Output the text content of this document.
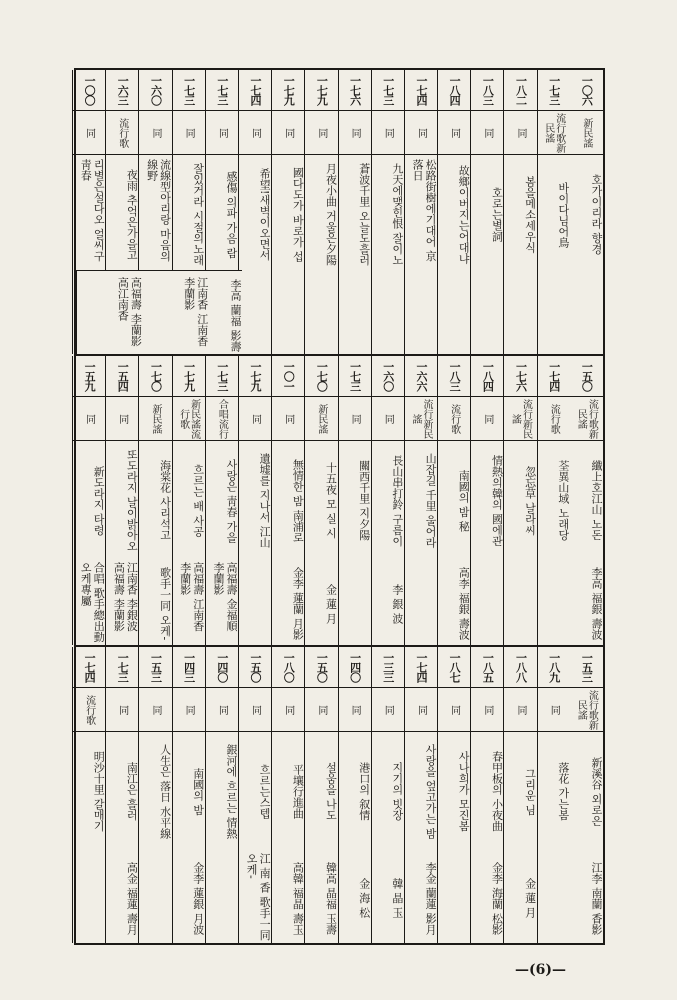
一〇六
新民謠
호가이리라 향경
一七三
流行歌新民謠
바이다님어鳥
一八二
同
봄을메소세우식
一八三
同
호로는별詞
一八四
同
故鄉이버지는어대냐
一七四
同
松路街樹에기대어 京落日
一七三
同
九天에맺힌恨 잘이노
一七六
同
蒼波千里 오늘도흘러
一七九
同
月夜小曲 거울은夕陽
一七九
同
國다도가 바로가 섭
一七四
同
希望!새벽이오면서
一七三
同
感傷 의파 가음 람
一七三
同
잘있거라 시절의노래
一六〇
同
流線型아리랑 마음의線野
一六三
流行歌
夜雨 추억은가을고
一〇〇
同
리별은설다오 얼씨구 靑春
李高 蘭福 影壽
江南香 江南香 李蘭影
高福壽 李蘭影 高江南香
一五〇
流行歌新民謠
纖上호江山 노돈
李高 福銀 壽波
一七四
流行歌
荃異山域 노래당
一七六
流行新民謠
忽忘草 날라씨
一八四
同
情熱의韓의 國에관
一八三
流行歌
南國의 밤 秘
高李 福銀 壽波
一六六
流行新民謠
山잡길 千里 울어라
一六〇
同
長山串打鈴 구름이
李 銀 波
一七三
同
關西千里 지夕陽
一七〇
新民謠
十五夜 모 실 시
金 蓮 月
一〇一
同
無情한 밤 南浦로
金李 蓮蘭 月影
一七九
同
遺墟를 지나서 江山
一七三
合唱流行
사랑은 靑春 가을
高福壽 金福順 李蘭影
一七九
新民謠流行歌
흐르는 배 사공
高福壽 江南香 李蘭影
一七〇
新民謠
海棠花 사리석고
歌手一同 오케-
一五四
同
또도라지 날이밝아오
江南香 李銀波 高福壽 李蘭影
一五九
同
新도라지 타령
合唱 歌手總出動 오케專屬
一五三
流行歌新民謠
新溪谷 외로은
江李 南蘭 香影
一八九
同
落花 가는봄
一八八
同
그리운 님
金 蓮 月
一八五
同
春甲板의 小夜曲
金李 海蘭 松影
一八七
同
사나희가 모진봄
一七四
同
사랑을 엎고가는 밤
李金 蘭蓮 影月
一三三
同
지기의 빗장
韓 晶 玉
一四〇
同
港口의 叙情
金 海 松
一五〇
同
설움을 나도
韓高 晶福 玉壽
一八〇
同
平壤行進曲
高韓 福晶 壽玉
一五〇
同
흐르는스텝
江 南 香 歌手一同 오케-
一四〇
同
銀河에 흐르는 情熱
一四三
同
南國의 밤
金李 蓮銀 月波
一五三
同
人生은 落日 水平線
一七三
同
南江은 흘러
高金 福蓮 壽月
一七四
流行歌
明沙十里 갈매기
—(6)—
